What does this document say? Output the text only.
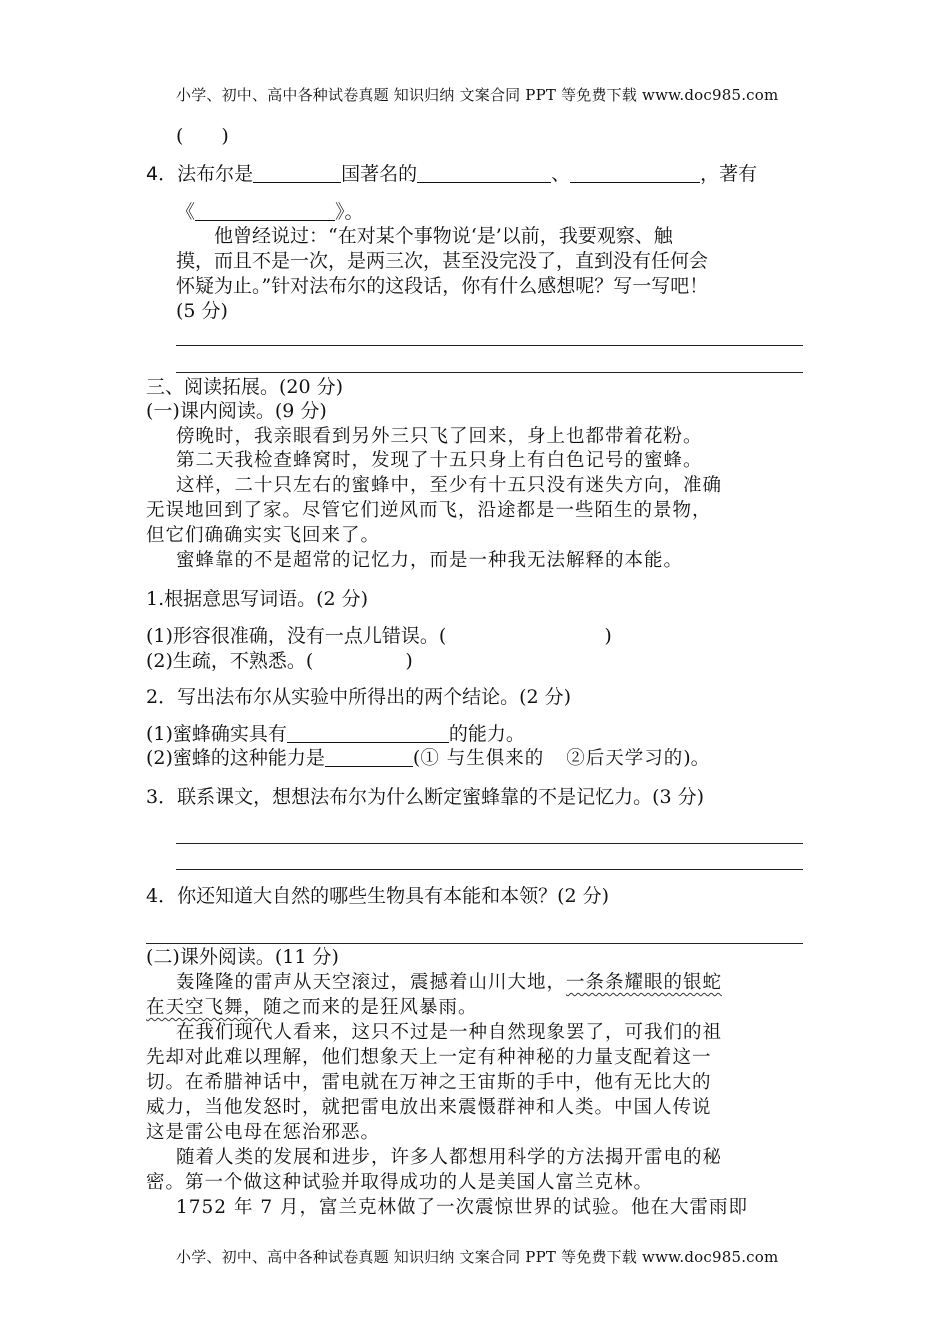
小学、初中、高中各种试卷真题 知识归纳 文案合同 PPT 等免费下载 www.doc985.com
(　　)
4．法布尔是	国著名的	、	，著有
《	》。
他曾经说过：“在对某个事物说‘是’以前，我要观察、触
摸，而且不是一次，是两三次，甚至没完没了，直到没有任何会
怀疑为止。”针对法布尔的这段话，你有什么感想呢？写一写吧！
(5 分)
三、阅读拓展。(20 分)
(一)课内阅读。(9 分)
傍晚时，我亲眼看到另外三只飞了回来，身上也都带着花粉。
第二天我检查蜂窝时，发现了十五只身上有白色记号的蜜蜂。
这样，二十只左右的蜜蜂中，至少有十五只没有迷失方向，准确
无误地回到了家。尽管它们逆风而飞，沿途都是一些陌生的景物，
但它们确确实实飞回来了。
蜜蜂靠的不是超常的记忆力，而是一种我无法解释的本能。
1.根据意思写词语。(2 分)
(1)形容很准确，没有一点儿错误。(	)
(2)生疏，不熟悉。(	)
2．写出法布尔从实验中所得出的两个结论。(2 分)
(1)蜜蜂确实具有	的能力。
(2)蜜蜂的这种能力是	(① 与生俱来的 ②后天学习的)。
3．联系课文，想想法布尔为什么断定蜜蜂靠的不是记忆力。(3 分)
4．你还知道大自然的哪些生物具有本能和本领？(2 分)
(二)课外阅读。(11 分)
轰隆隆的雷声从天空滚过，震撼着山川大地，一条条耀眼的银蛇
在天空飞舞，随之而来的是狂风暴雨。
在我们现代人看来，这只不过是一种自然现象罢了，可我们的祖
先却对此难以理解，他们想象天上一定有种神秘的力量支配着这一
切。在希腊神话中，雷电就在万神之王宙斯的手中，他有无比大的
威力，当他发怒时，就把雷电放出来震慑群神和人类。中国人传说
这是雷公电母在惩治邪恶。
随着人类的发展和进步，许多人都想用科学的方法揭开雷电的秘
密。第一个做这种试验并取得成功的人是美国人富兰克林。
1752 年 7 月，富兰克林做了一次震惊世界的试验。他在大雷雨即
小学、初中、高中各种试卷真题 知识归纳 文案合同 PPT 等免费下载 www.doc985.com
